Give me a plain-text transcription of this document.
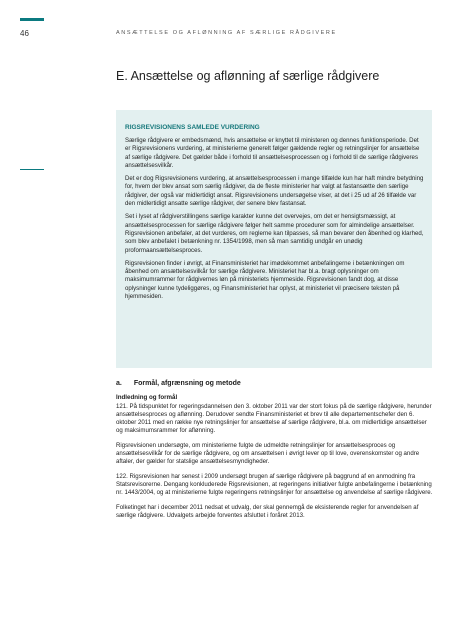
46	ANSÆTTELSE OG AFLØNNING AF SÆRLIGE RÅDGIVERE
E. Ansættelse og aflønning af særlige rådgivere
RIGSREVISIONENS SAMLEDE VURDERING

Særlige rådgivere er embedsmænd, hvis ansættelse er knyttet til ministeren og dennes funktionsperiode. Det er Rigsrevisionens vurdering, at ministerierne generelt følger gældende regler og retningslinjer for ansættelse af særlige rådgivere. Det gælder både i forhold til ansættelsesprocessen og i forhold til de særlige rådgiveres ansættelsesvilkår.

Det er dog Rigsrevisionens vurdering, at ansættelsesprocessen i mange tilfælde kun har haft mindre betydning for, hvem der blev ansat som særlig rådgiver, da de fleste ministerier har valgt at fastansætte den særlige rådgiver, der også var midlertidigt ansat. Rigsrevisionens undersøgelse viser, at det i 25 ud af 26 tilfælde var den midlertidigt ansatte særlige rådgiver, der senere blev fastansat.

Set i lyset af rådgiverstillingens særlige karakter kunne det overvejes, om det er hensigtsmæssigt, at ansættelsesprocessen for særlige rådgivere følger helt samme procedurer som for almindelige ansættelser. Rigsrevisionen anbefaler, at det vurderes, om reglerne kan tilpasses, så man bevarer den åbenhed og klarhed, som blev anbefalet i betænkning nr. 1354/1998, men så man samtidig undgår en unødig proformaansættelsesproces.

Rigsrevisionen finder i øvrigt, at Finansministeriet har imødekommet anbefalingerne i betænkningen om åbenhed om ansættelsesvilkår for særlige rådgivere. Ministeriet har bl.a. bragt oplysninger om maksimumrammer for rådgivernes løn på ministeriets hjemmeside. Rigsrevisionen fandt dog, at disse oplysninger kunne tydeliggøres, og Finansministeriet har oplyst, at ministeriet vil præcisere teksten på hjemmesiden.

a. Formål, afgrænsning og metode
Indledning og formål

121. På tidspunktet for regeringsdannelsen den 3. oktober 2011 var der stort fokus på de særlige rådgivere, herunder ansættelsesproces og aflønning. Derudover sendte Finansministeriet et brev til alle departementschefer den 6. oktober 2011 med en række nye retningslinjer for ansættelse af særlige rådgivere, bl.a. om midlertidige ansættelser og maksimumsrammer for aflønning.

Rigsrevisionen undersøgte, om ministerierne fulgte de udmeldte retningslinjer for ansættelsesproces og ansættelsesvilkår for de særlige rådgivere, og om ansættelsen i øvrigt lever op til love, overenskomster og andre aftaler, der gælder for statslige ansættelsesmyndigheder.

122. Rigsrevisionen har senest i 2009 undersøgt brugen af særlige rådgivere på baggrund af en anmodning fra Statsrevisorerne. Dengang konkluderede Rigsrevisionen, at regeringens initiativer fulgte anbefalingerne i betænkning nr. 1443/2004, og at ministerierne fulgte regeringens retningslinjer for ansættelse og anvendelse af særlige rådgivere.

Folketinget har i december 2011 nedsat et udvalg, der skal gennemgå de eksisterende regler for anvendelsen af særlige rådgivere. Udvalgets arbejde forventes afsluttet i foråret 2013.
